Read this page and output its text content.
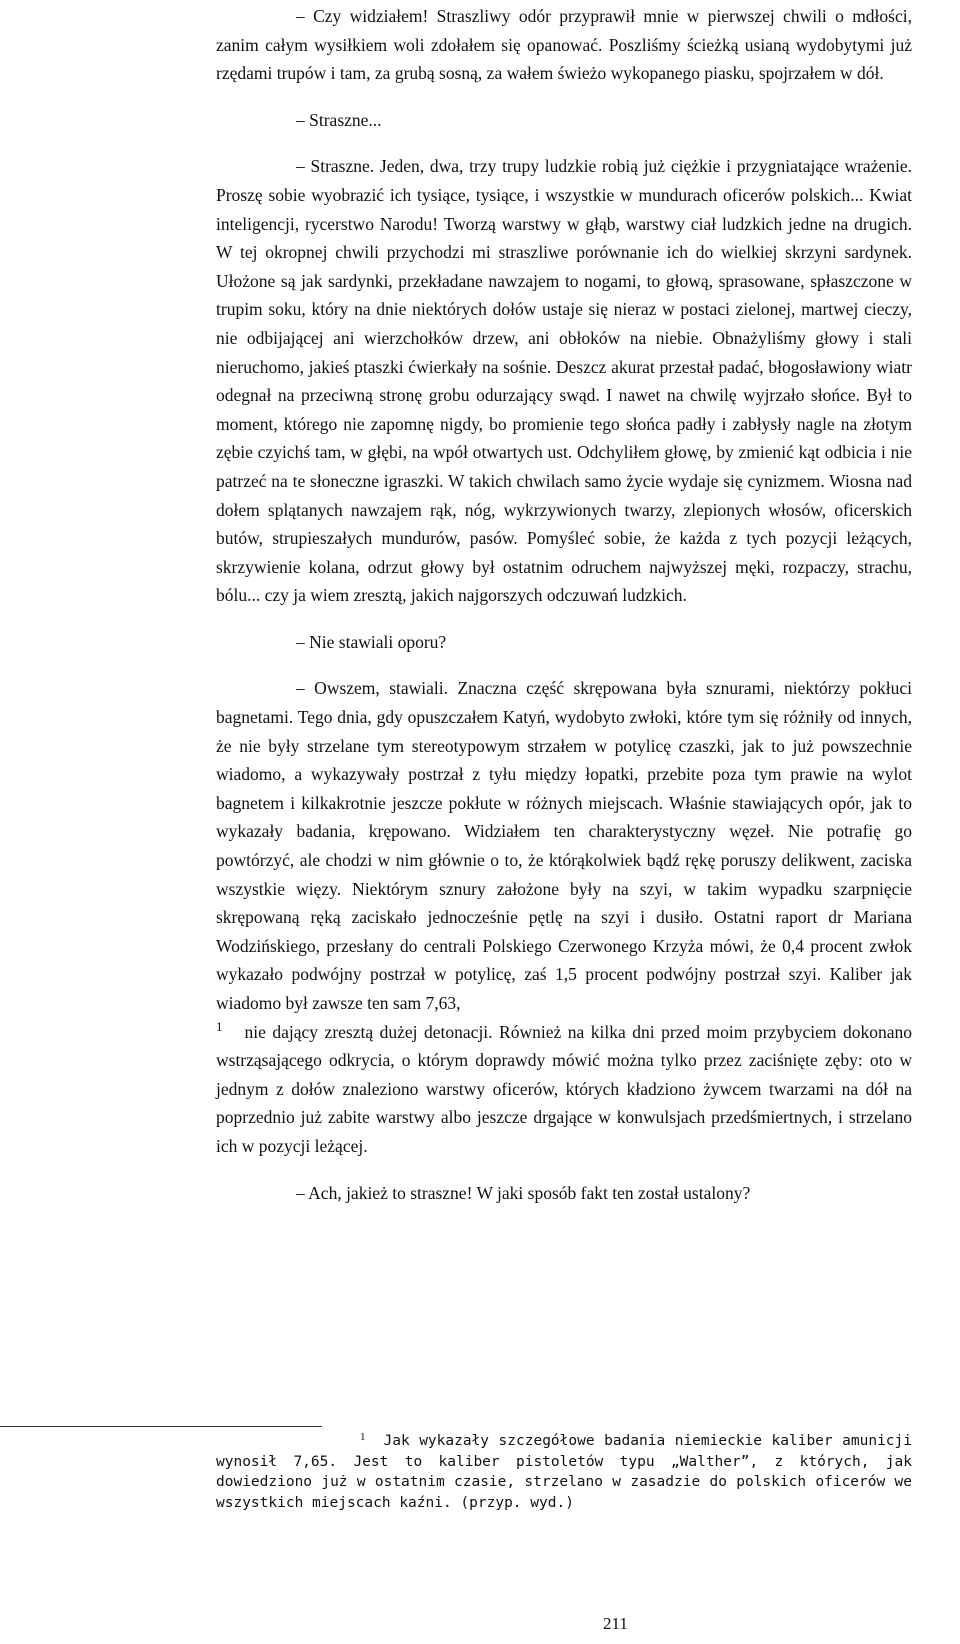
– Czy widziałem! Straszliwy odór przyprawił mnie w pierwszej chwili o mdłości, zanim całym wysiłkiem woli zdołałem się opanować. Poszliśmy ścieżką usianą wydobytymi już rzędami trupów i tam, za grubą sosną, za wałem świeżo wykopanego piasku, spojrzałem w dół.

– Straszne...

– Straszne. Jeden, dwa, trzy trupy ludzkie robią już ciężkie i przygniatające wrażenie. Proszę sobie wyobrazić ich tysiące, tysiące, i wszystkie w mundurach oficerów polskich... Kwiat inteligencji, rycerstwo Narodu! Tworzą warstwy w głąb, warstwy ciał ludzkich jedne na drugich. W tej okropnej chwili przychodzi mi straszliwe porównanie ich do wielkiej skrzyni sardynek. Ułożone są jak sardynki, przekładane nawzajem to nogami, to głową, sprasowane, spłaszczone w trupim soku, który na dnie niektórych dołów ustaje się nieraz w postaci zielonej, martwej cieczy, nie odbijającej ani wierzchołków drzew, ani obłoków na niebie. Obnażyliśmy głowy i stali nieruchomo, jakieś ptaszki ćwierkały na sośnie. Deszcz akurat przestał padać, błogosławiony wiatr odegnał na przeciwną stronę grobu odurzający swąd. I nawet na chwilę wyjrzało słońce. Był to moment, którego nie zapomnę nigdy, bo promienie tego słońca padły i zabłysły nagle na złotym zębie czyichś tam, w głębi, na wpół otwartych ust. Odchyliłem głowę, by zmienić kąt odbicia i nie patrzeć na te słoneczne igraszki. W takich chwilach samo życie wydaje się cynizmem. Wiosna nad dołem splątanych nawzajem rąk, nóg, wykrzywionych twarzy, zlepionych włosów, oficerskich butów, strupieszałych mundurów, pasów. Pomyśleć sobie, że każda z tych pozycji leżących, skrzywienie kolana, odrzut głowy był ostatnim odruchem najwyższej męki, rozpaczy, strachu, bólu... czy ja wiem zresztą, jakich najgorszych odczuwań ludzkich.

– Nie stawiali oporu?

– Owszem, stawiali. Znaczna część skrępowana była sznurami, niektórzy pokłuci bagnetami. Tego dnia, gdy opuszczałem Katyń, wydobyto zwłoki, które tym się różniły od innych, że nie były strzelane tym stereotypowym strzałem w potylicę czaszki, jak to już powszechnie wiadomo, a wykazywały postrzał z tyłu między łopatki, przebite poza tym prawie na wylot bagnetem i kilkakrotnie jeszcze pokłute w różnych miejscach. Właśnie stawiających opór, jak to wykazały badania, krępowano. Widziałem ten charakterystyczny węzeł. Nie potrafię go powtórzyć, ale chodzi w nim głównie o to, że którąkolwiek bądź rękę poruszy delikwent, zaciska wszystkie więzy. Niektórym sznury założone były na szyi, w takim wypadku szarpnięcie skrępowaną ręką zaciskało jednocześnie pętlę na szyi i dusiło. Ostatni raport dr Mariana Wodzińskiego, przesłany do centrali Polskiego Czerwonego Krzyża mówi, że 0,4 procent zwłok wykazało podwójny postrzał w potylicę, zaś 1,5 procent podwójny postrzał szyi. Kaliber jak wiadomo był zawsze ten sam 7,63,

1 nie dający zresztą dużej detonacji. Również na kilka dni przed moim przybyciem dokonano wstrząsającego odkrycia, o którym doprawdy mówić można tylko przez zaciśnięte zęby: oto w jednym z dołów znaleziono warstwy oficerów, których kładziono żywcem twarzami na dół na poprzednio już zabite warstwy albo jeszcze drgające w konwulsjach przedśmiertnych, i strzelano ich w pozycji leżącej.

– Ach, jakież to straszne! W jaki sposób fakt ten został ustalony?

1 Jak wykazały szczegółowe badania niemieckie kaliber amunicji wynosił 7,65. Jest to kaliber pistoletów typu „Walther”, z których, jak dowiedziono już w ostatnim czasie, strzelano w zasadzie do polskich oficerów we wszystkich miejscach kaźni. (przyp. wyd.)

211
